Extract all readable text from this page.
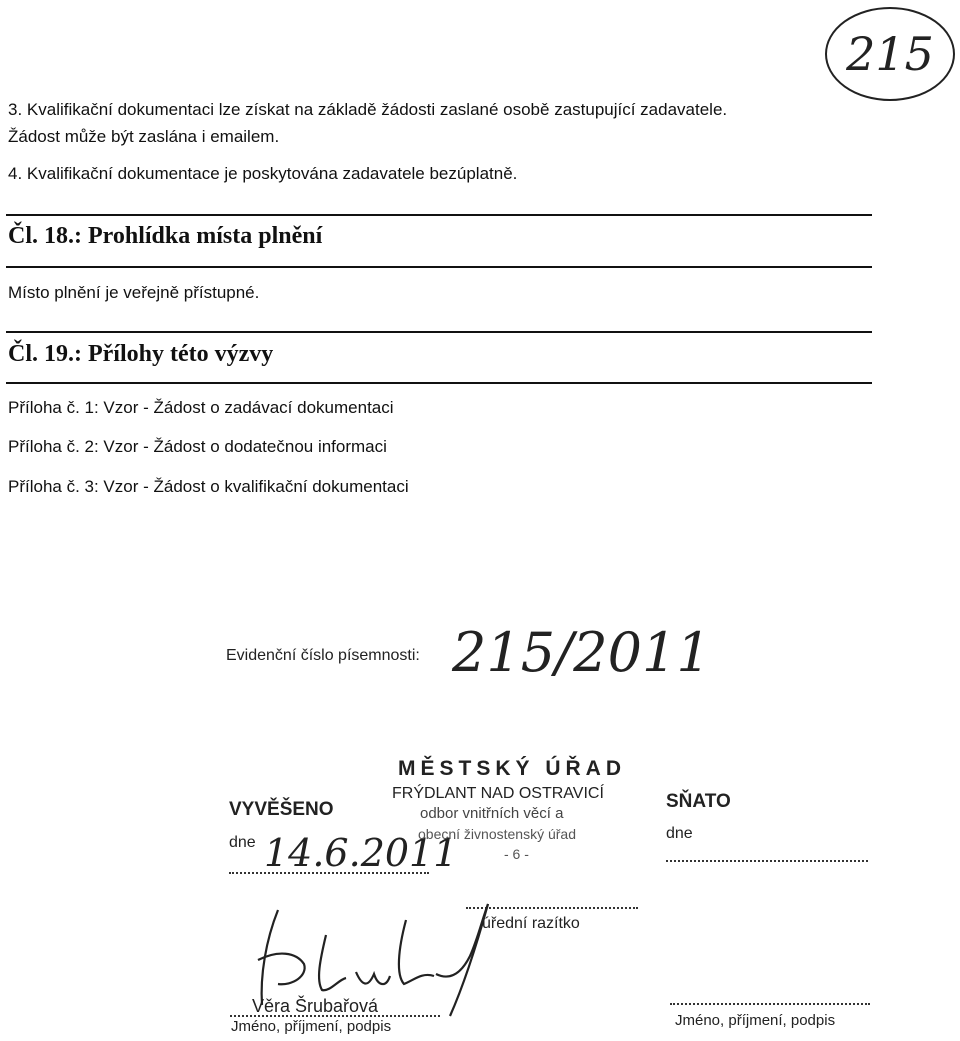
215
3. Kvalifikační dokumentaci lze získat na základě žádosti zaslané osobě zastupující zadavatele.
Žádost může být zaslána i emailem.
4. Kvalifikační dokumentace je poskytována zadavatele bezúplatně.
Čl. 18.: Prohlídka místa plnění
Místo plnění je veřejně přístupné.
Čl. 19.: Přílohy této výzvy
Příloha č. 1: Vzor - Žádost o zadávací dokumentaci
Příloha č. 2: Vzor - Žádost o dodatečnou informaci
Příloha č. 3: Vzor - Žádost o kvalifikační dokumentaci
Evidenční číslo písemnosti: 215/2011
VYVĚŠENO
dne 14.6.2011
MĚSTSKÝ ÚŘAD
FRÝDLANT NAD OSTRAVICÍ
odbor vnitřních věcí a
obecní živnostenský úřad
- 6 -
SŇATO
dne
úřední razítko
Věra Šrubařová
Jméno, příjmení, podpis	Jméno, příjmení, podpis
